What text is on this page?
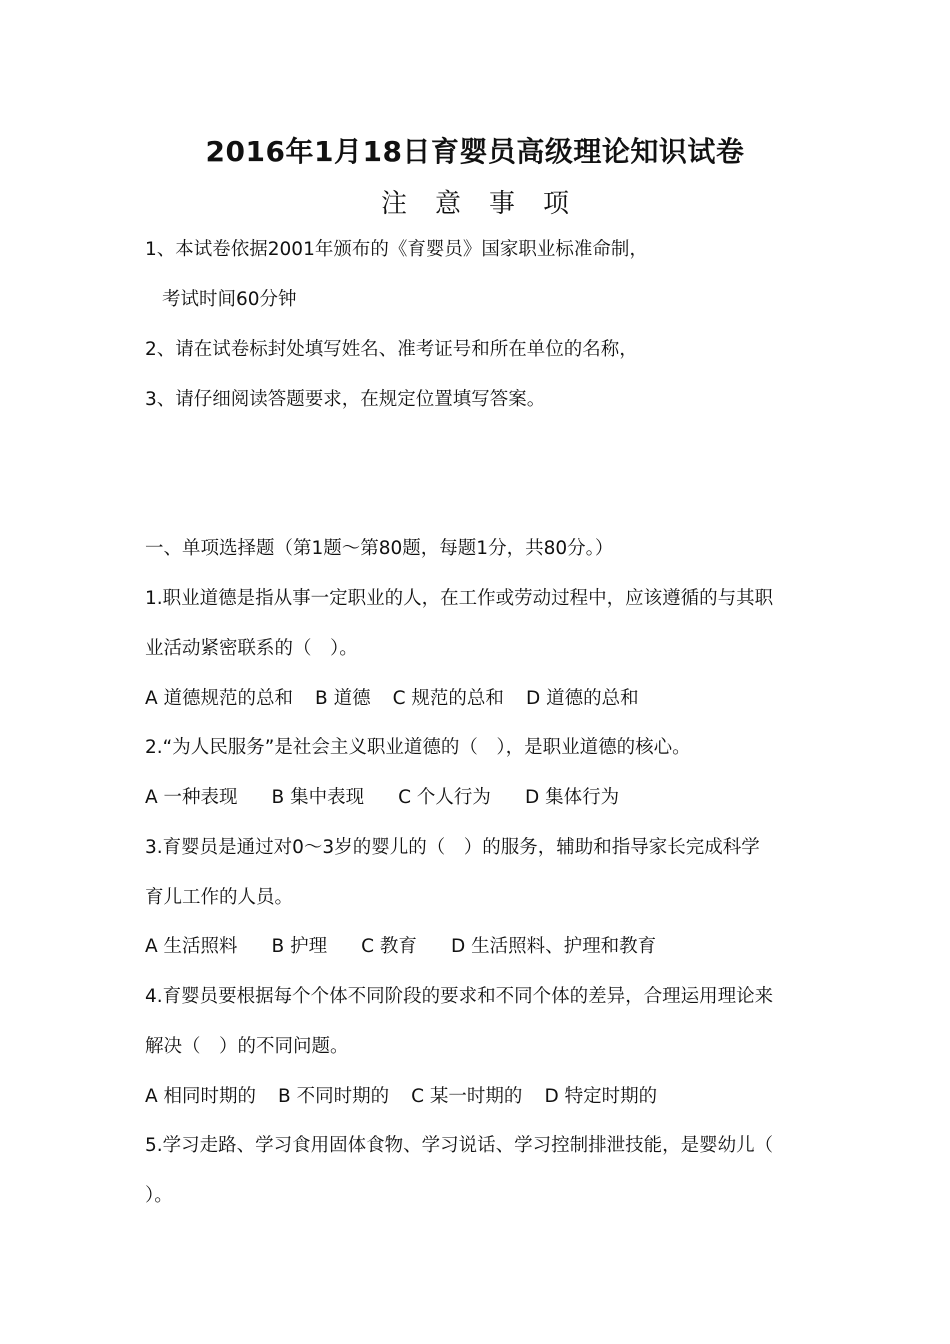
2016年1月18日育婴员高级理论知识试卷
注意事项
1、本试卷依据2001年颁布的《育婴员》国家职业标准命制，
考试时间60分钟
2、请在试卷标封处填写姓名、准考证号和所在单位的名称，
3、请仔细阅读答题要求，在规定位置填写答案。
一、单项选择题（第1题～第80题，每题1分，共80分。）
1.职业道德是指从事一定职业的人，在工作或劳动过程中，应该遵循的与其职
业活动紧密联系的（　）。
A 道德规范的总和 B 道德 C 规范的总和 D 道德的总和
2.“为人民服务”是社会主义职业道德的（　），是职业道德的核心。
A 一种表现 B 集中表现 C 个人行为 D 集体行为
3.育婴员是通过对0～3岁的婴儿的（　）的服务，辅助和指导家长完成科学
育儿工作的人员。
A 生活照料 B 护理 C 教育 D 生活照料、护理和教育
4.育婴员要根据每个个体不同阶段的要求和不同个体的差异，合理运用理论来
解决（　）的不同问题。
A 相同时期的 B 不同时期的 C 某一时期的 D 特定时期的
5.学习走路、学习食用固体食物、学习说话、学习控制排泄技能，是婴幼儿（
）。
